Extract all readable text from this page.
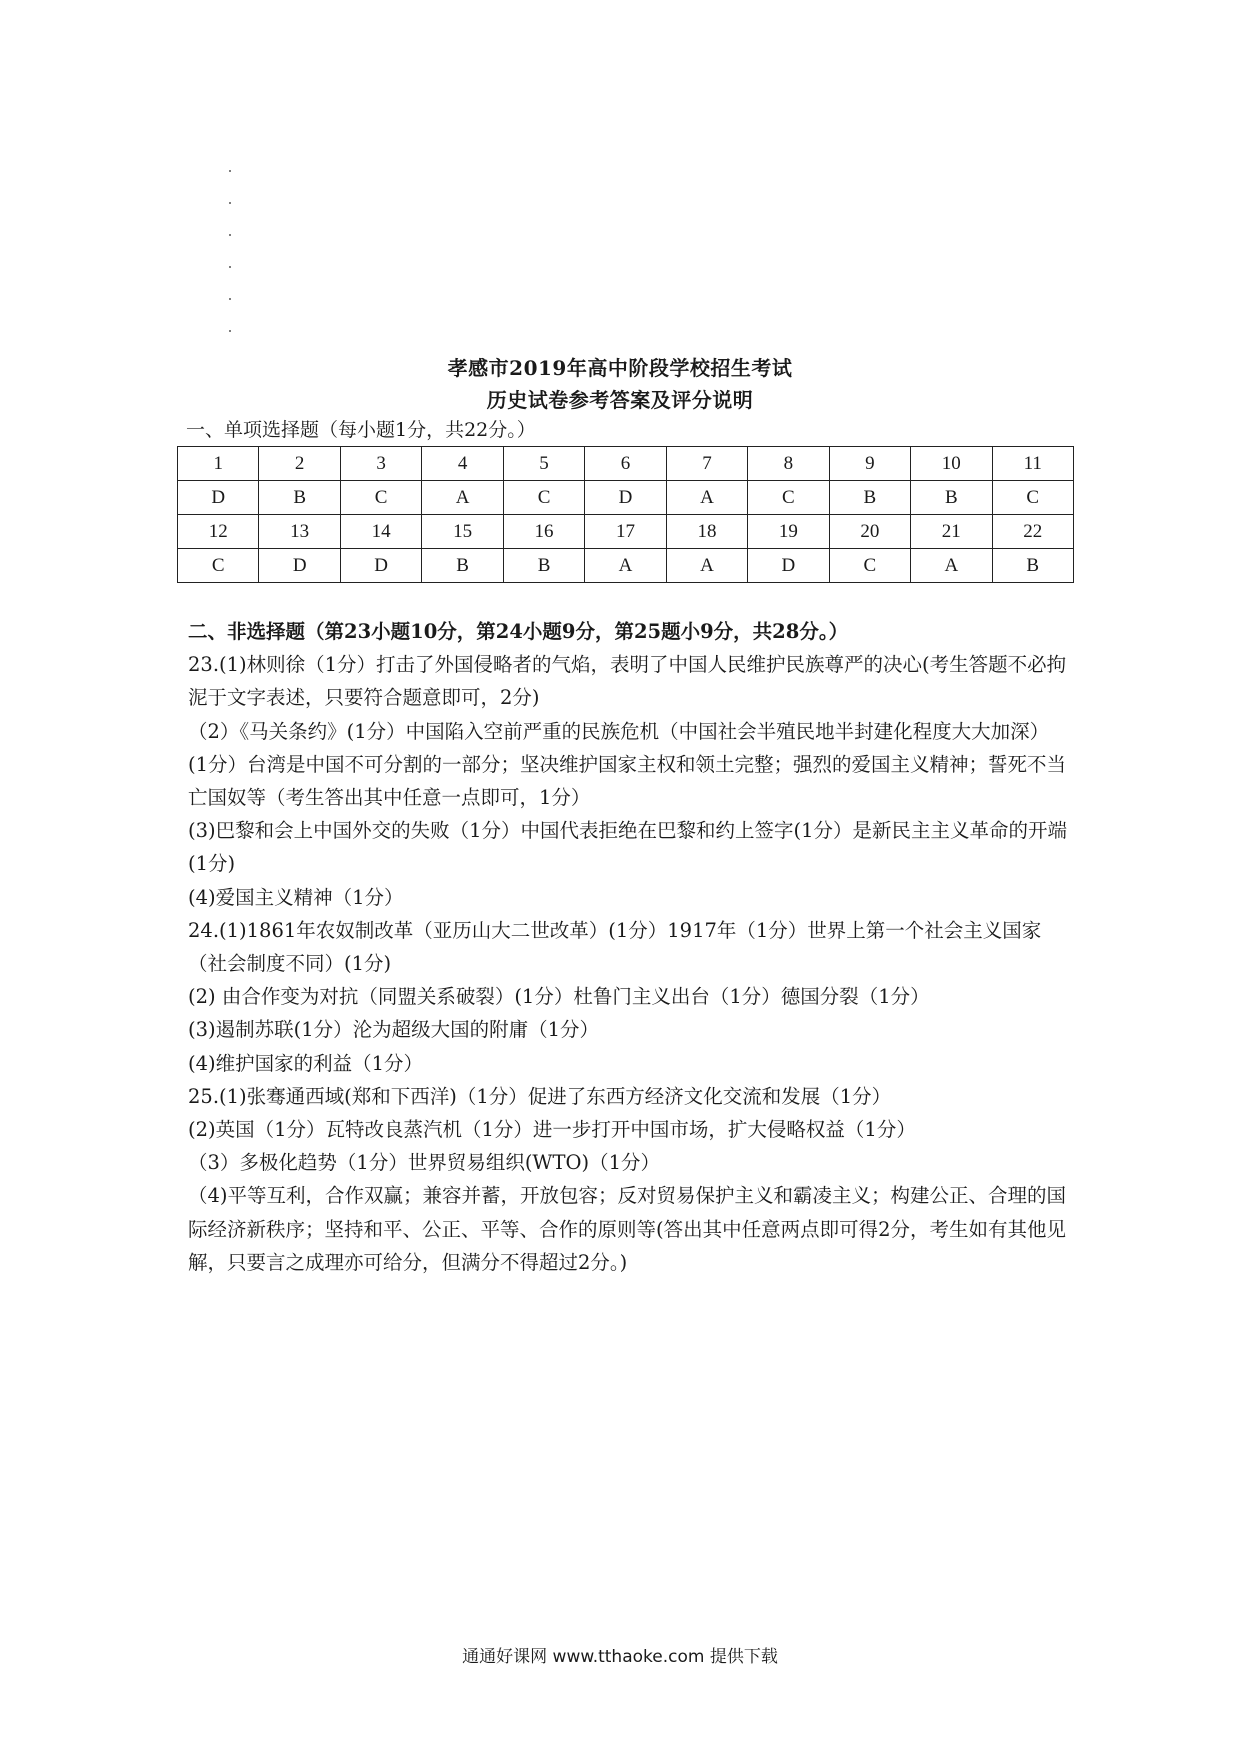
孝感市2019年高中阶段学校招生考试
历史试卷参考答案及评分说明
一、单项选择题（每小题1分，共22分。）
1	2	3	4	5	6	7	8	9	10	11
D	B	C	A	C	D	A	C	B	B	C
12	13	14	15	16	17	18	19	20	21	22
C	D	D	B	B	A	A	D	C	A	B

二、非选择题（第23小题10分，第24小题9分，第25题小9分，共28分。）

23.(1)林则徐（1分）打击了外国侵略者的气焰，表明了中国人民维护民族尊严的决心(考生答题不必拘泥于文字表述，只要符合题意即可，2分)

（2）《马关条约》(1分）中国陷入空前严重的民族危机（中国社会半殖民地半封建化程度大大加深）(1分）台湾是中国不可分割的一部分；坚决维护国家主权和领土完整；强烈的爱国主义精神；誓死不当亡国奴等（考生答出其中任意一点即可，1分）

(3)巴黎和会上中国外交的失败（1分）中国代表拒绝在巴黎和约上签字(1分）是新民主主义革命的开端(1分)

(4)爱国主义精神（1分）

24.(1)1861年农奴制改革（亚历山大二世改革）(1分）1917年（1分）世界上第一个社会主义国家（社会制度不同）(1分)

(2) 由合作变为对抗（同盟关系破裂）(1分）杜鲁门主义出台（1分）德国分裂（1分）

(3)遏制苏联(1分）沦为超级大国的附庸（1分）

(4)维护国家的利益（1分）

25.(1)张骞通西域(郑和下西洋)（1分）促进了东西方经济文化交流和发展（1分）

(2)英国（1分）瓦特改良蒸汽机（1分）进一步打开中国市场，扩大侵略权益（1分）

（3）多极化趋势（1分）世界贸易组织(WTO)（1分）

（4)平等互利，合作双赢；兼容并蓄，开放包容；反对贸易保护主义和霸凌主义；构建公正、合理的国际经济新秩序；坚持和平、公正、平等、合作的原则等(答出其中任意两点即可得2分，考生如有其他见解，只要言之成理亦可给分，但满分不得超过2分。)

通通好课网 www.tthaoke.com 提供下载
